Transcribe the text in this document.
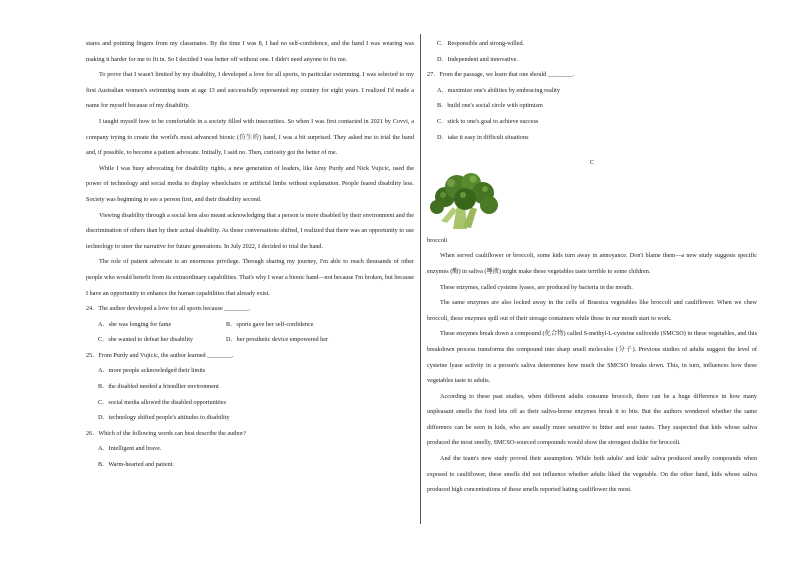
stares and pointing fingers from my classmates. By the time I was 8, I had no self-confidence, and the hand I was wearing was making it harder for me to fit in. So I decided I was better off without one. I didn't need anyone to fix me.

To prove that I wasn't limited by my disability, I developed a love for all sports, in particular swimming. I was selected to my first Australian women's swimming team at age 13 and successfully represented my country for eight years. I realized I'd made a name for myself because of my disability.

I taught myself how to be comfortable in a society filled with insecurities. So when I was first contacted in 2021 by Covvi, a company trying to create the world's most advanced bionic (仿生的) hand, I was a bit surprised. They asked me to trial the hand and, if possible, to become a patient advocate. Initially, I said no. Then, curiosity got the better of me.

While I was busy advocating for disability rights, a new generation of leaders, like Amy Purdy and Nick Vujicic, used the power of technology and social media to display wheelchairs or artificial limbs without explanation. People feared disability less. Society was beginning to see a person first, and their disability second.

Viewing disability through a social lens also meant acknowledging that a person is more disabled by their environment and the discrimination of others than by their actual disability. As those conversations shifted, I realized that there was an opportunity to use technology to steer the narrative for future generations. In July 2022, I decided to trial the hand.

The role of patient advocate is an enormous privilege. Through sharing my journey, I'm able to reach thousands of other people who would benefit from its extraordinary capabilities. That's why I wear a bionic hand—not because I'm broken, but because I have an opportunity to enhance the human capabilities that already exist.

24．The author developed a love for all sports because ________.

A．she was longing for fame	B．sports gave her self-confidence
C．she wanted to defeat her disability	D．her prosthetic device empowered her

25．From Purdy and Vujicic, the author learned ________.

A．more people acknowledged their limits

B．the disabled needed a friendlier environment

C．social media allowed the disabled opportunities

D．technology shifted people's attitudes to disability

26．Which of the following words can best describe the author?

A．Intelligent and brave.

B．Warm-hearted and patient.

C．Responsible and strong-willed.

D．Independent and innovative.

27．From the passage, we learn that one should ________.

A．maximize one's abilities by embracing reality

B．build one's social circle with optimism

C．stick to one's goal to achieve success

D．take it easy in difficult situations

C

broccoli

When served cauliflower or broccoli, some kids turn away in annoyance. Don't blame them—a new study suggests specific enzymes (酶) in saliva (唾液) might make these vegetables taste terrible to some children.

These enzymes, called cysteine lyases, are produced by bacteria in the mouth.

The same enzymes are also locked away in the cells of Brassica vegetables like broccoli and cauliflower. When we chew broccoli, these enzymes spill out of their storage containers while those in our mouth start to work.

These enzymes break down a compound (化合物) called S-methyl-L-cysteine sulfoxide (SMCSO) in these vegetables, and this breakdown process transforms the compound into sharp smell molecules (分子). Previous studies of adults suggest the level of cysteine lyase activity in a person's saliva determines how much the SMCSO breaks down. This, in turn, influences how these vegetables taste to adults.

According to these past studies, when different adults consume broccoli, there can be a huge difference in how many unpleasant smells the food lets off as their saliva-borne enzymes break it to bits. But the authors wondered whether the same difference can be seen in kids, who are usually more sensitive to bitter and sour tastes. They suspected that kids whose saliva produced the most smelly, SMCSO-sourced compounds would show the strongest dislike for broccoli.

And the team's new study proved their assumption. While both adults' and kids' saliva produced smelly compounds when exposed to cauliflower, these smells did not influence whether adults liked the vegetable. On the other hand, kids whose saliva produced high concentrations of these smells reported hating cauliflower the most.
